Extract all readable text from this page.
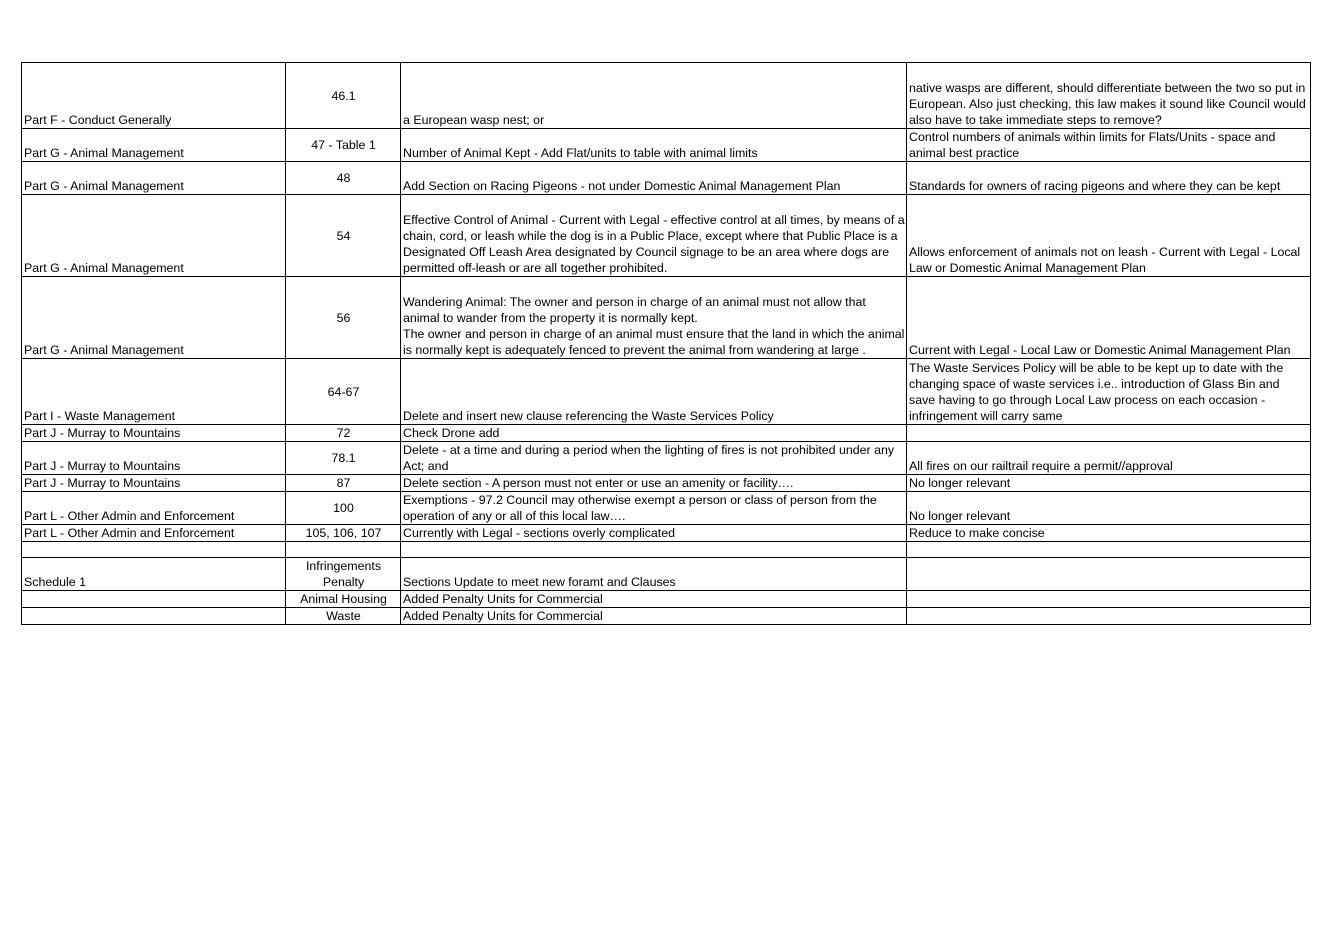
Part F - Conduct Generally	46.1	a European wasp nest; or	native wasps are different, should differentiate between the two so put in European. Also just checking, this law makes it sound like Council would also have to take immediate steps to remove?
Part G - Animal Management	47 - Table 1	Number of Animal Kept - Add Flat/units to table with animal limits	Control numbers of animals within limits for Flats/Units - space and animal best practice
Part G - Animal Management	48	Add Section on Racing Pigeons - not under Domestic Animal Management Plan	Standards for owners of racing pigeons and where they can be kept
Part G - Animal Management	54	Effective Control of Animal - Current with Legal - effective control at all times, by means of a chain, cord, or leash while the dog is in a Public Place, except where that Public Place is a Designated Off Leash Area designated by Council signage to be an area where dogs are permitted off-leash or are all together prohibited.	Allows enforcement of animals not on leash - Current with Legal - Local Law or Domestic Animal Management Plan
Part G - Animal Management	56	Wandering Animal: The owner and person in charge of an animal must not allow that animal to wander from the property it is normally kept.
The owner and person in charge of an animal must ensure that the land in which the animal is normally kept is adequately fenced to prevent the animal from wandering at large .	Current with Legal - Local Law or Domestic Animal Management Plan
Part I - Waste Management	64-67	Delete and insert new clause referencing the Waste Services Policy	The Waste Services Policy will be able to be kept up to date with the changing space of waste services i.e.. introduction of Glass Bin and save having to go through Local Law process on each occasion - infringement will carry same
Part J - Murray to Mountains	72	Check Drone add	
Part J - Murray to Mountains	78.1	Delete - at a time and during a period when the lighting of fires is not prohibited under any Act; and	All fires on our railtrail require a permit//approval
Part J - Murray to Mountains	87	Delete section - A person must not enter or use an amenity or facility….	No longer relevant
Part L - Other Admin and Enforcement	100	Exemptions - 97.2 Council may otherwise exempt a person or class of person from the operation of any or all of this local law….	No longer relevant
Part L - Other Admin and Enforcement	105, 106, 107	Currently with Legal - sections overly complicated	Reduce to make concise

Schedule 1	Infringements Penalty	Sections Update to meet new foramt and Clauses	
	Animal Housing	Added Penalty Units for Commercial	
	Waste	Added Penalty Units for Commercial	
